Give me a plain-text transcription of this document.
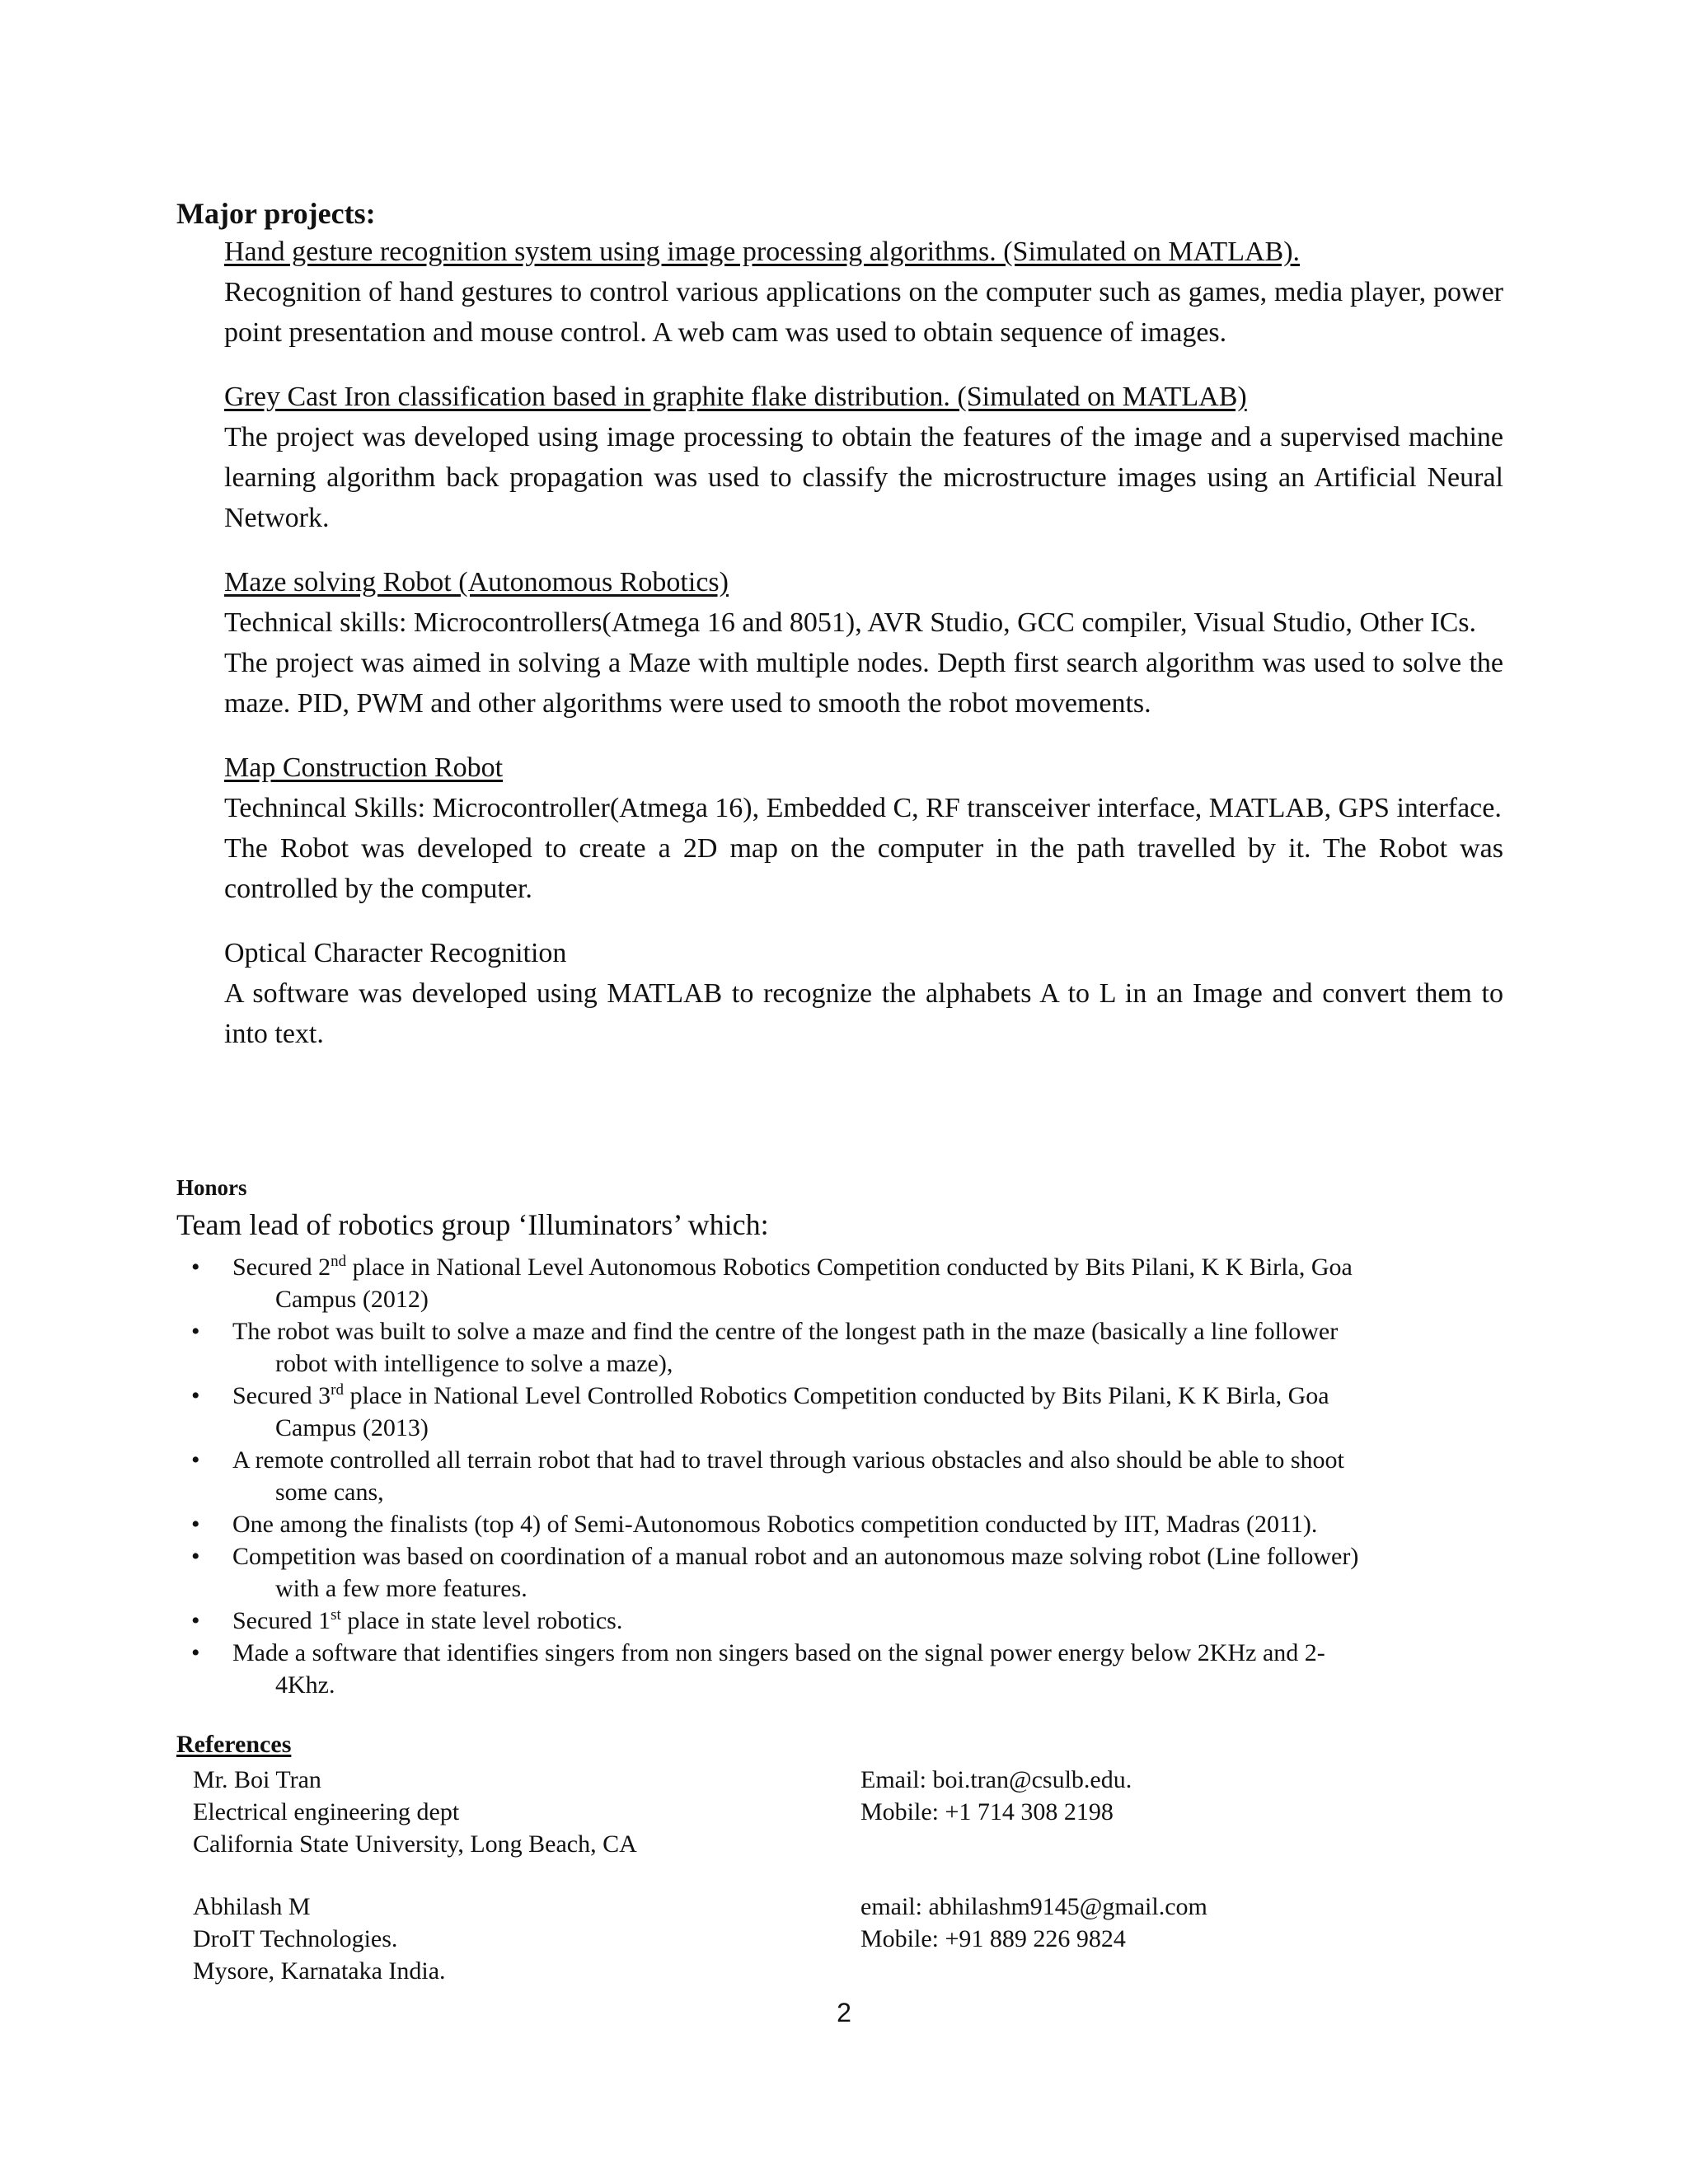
Major projects:
Hand gesture recognition system using image processing algorithms. (Simulated on MATLAB).

Recognition of hand gestures to control various applications on the computer such as games, media player, power point presentation and mouse control. A web cam was used to obtain sequence of images.

Grey Cast Iron classification based in graphite flake distribution. (Simulated on MATLAB)

The project was developed using image processing to obtain the features of the image and a supervised machine learning algorithm back propagation was used to classify the microstructure images using an Artificial Neural Network.

Maze solving Robot (Autonomous Robotics)

Technical skills: Microcontrollers(Atmega 16 and 8051), AVR Studio, GCC compiler, Visual Studio, Other ICs.

The project was aimed in solving a Maze with multiple nodes. Depth first search algorithm was used to solve the maze. PID, PWM and other algorithms were used to smooth the robot movements.

Map Construction Robot

Technincal Skills: Microcontroller(Atmega 16), Embedded C, RF transceiver interface, MATLAB, GPS interface.

The Robot was developed to create a 2D map on the computer in the path travelled by it. The Robot was controlled by the computer.

Optical Character Recognition

A software was developed using MATLAB to recognize the alphabets A to L in an Image and convert them to into text.

Honors
Team lead of robotics group ‘Illuminators’ which:
• Secured 2nd place in National Level Autonomous Robotics Competition conducted by Bits Pilani, K K Birla, Goa
Campus (2012)
• The robot was built to solve a maze and find the centre of the longest path in the maze (basically a line follower
robot with intelligence to solve a maze),
• Secured 3rd place in National Level Controlled Robotics Competition conducted by Bits Pilani, K K Birla, Goa
Campus (2013)
• A remote controlled all terrain robot that had to travel through various obstacles and also should be able to shoot
some cans,
• One among the finalists (top 4) of Semi-Autonomous Robotics competition conducted by IIT, Madras (2011).
• Competition was based on coordination of a manual robot and an autonomous maze solving robot (Line follower)
with a few more features.
• Secured 1st place in state level robotics.
• Made a software that identifies singers from non singers based on the signal power energy below 2KHz and 2-
4Khz.
References
Mr. Boi Tran
Electrical engineering dept
California State University, Long Beach, CA
Email: boi.tran@csulb.edu.
Mobile: +1 714 308 2198
Abhilash M
DroIT Technologies.
Mysore, Karnataka India.
email: abhilashm9145@gmail.com
Mobile: +91 889 226 9824
2
